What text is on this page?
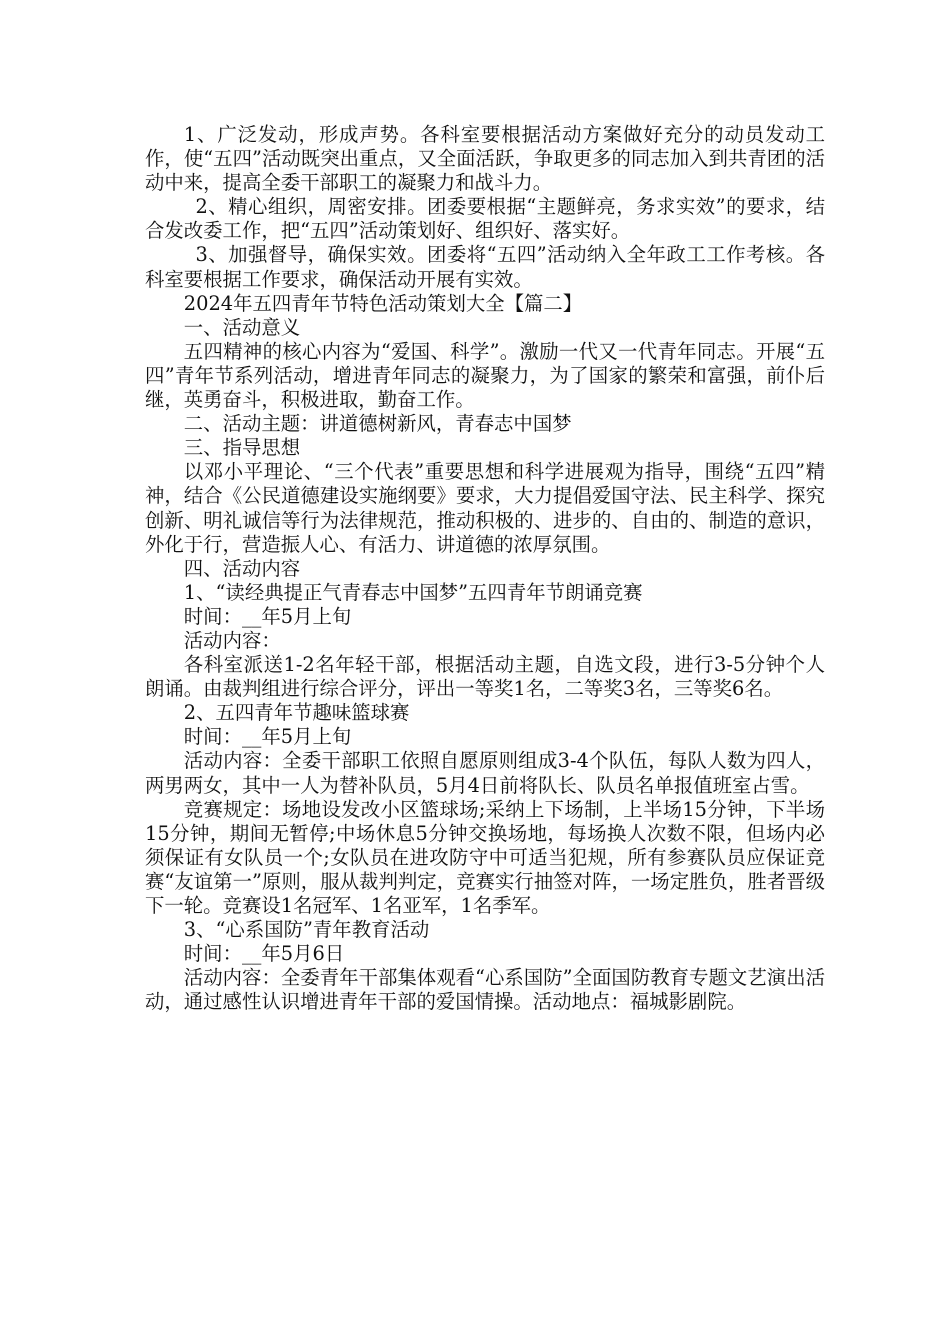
1、广泛发动，形成声势。各科室要根据活动方案做好充分的动员发动工作，使“五四”活动既突出重点，又全面活跃，争取更多的同志加入到共青团的活动中来，提高全委干部职工的凝聚力和战斗力。

2、精心组织，周密安排。团委要根据“主题鲜亮，务求实效”的要求，结合发改委工作，把“五四”活动策划好、组织好、落实好。

3、加强督导，确保实效。团委将“五四”活动纳入全年政工工作考核。各科室要根据工作要求，确保活动开展有实效。

2024年五四青年节特色活动策划大全【篇二】

一、活动意义

五四精神的核心内容为“爱国、科学”。激励一代又一代青年同志。开展“五四”青年节系列活动，增进青年同志的凝聚力，为了国家的繁荣和富强，前仆后继，英勇奋斗，积极进取，勤奋工作。

二、活动主题：讲道德树新风，青春志中国梦

三、指导思想

以邓小平理论、“三个代表”重要思想和科学进展观为指导，围绕“五四”精神，结合《公民道德建设实施纲要》要求，大力提倡爱国守法、民主科学、探究创新、明礼诚信等行为法律规范，推动积极的、进步的、自由的、制造的意识，外化于行，营造振人心、有活力、讲道德的浓厚氛围。

四、活动内容

1、“读经典提正气青春志中国梦”五四青年节朗诵竞赛

时间：__年5月上旬

活动内容：

各科室派送1-2名年轻干部，根据活动主题，自选文段，进行3-5分钟个人朗诵。由裁判组进行综合评分，评出一等奖1名，二等奖3名，三等奖6名。

2、五四青年节趣味篮球赛

时间：__年5月上旬

活动内容：全委干部职工依照自愿原则组成3-4个队伍，每队人数为四人，两男两女，其中一人为替补队员，5月4日前将队长、队员名单报值班室占雪。

竞赛规定：场地设发改小区篮球场;采纳上下场制，上半场15分钟，下半场15分钟，期间无暂停;中场休息5分钟交换场地，每场换人次数不限，但场内必须保证有女队员一个;女队员在进攻防守中可适当犯规，所有参赛队员应保证竞赛“友谊第一”原则，服从裁判判定，竞赛实行抽签对阵，一场定胜负，胜者晋级下一轮。竞赛设1名冠军、1名亚军，1名季军。

3、“心系国防”青年教育活动

时间：__年5月6日

活动内容：全委青年干部集体观看“心系国防”全面国防教育专题文艺演出活动，通过感性认识增进青年干部的爱国情操。活动地点：福城影剧院。
